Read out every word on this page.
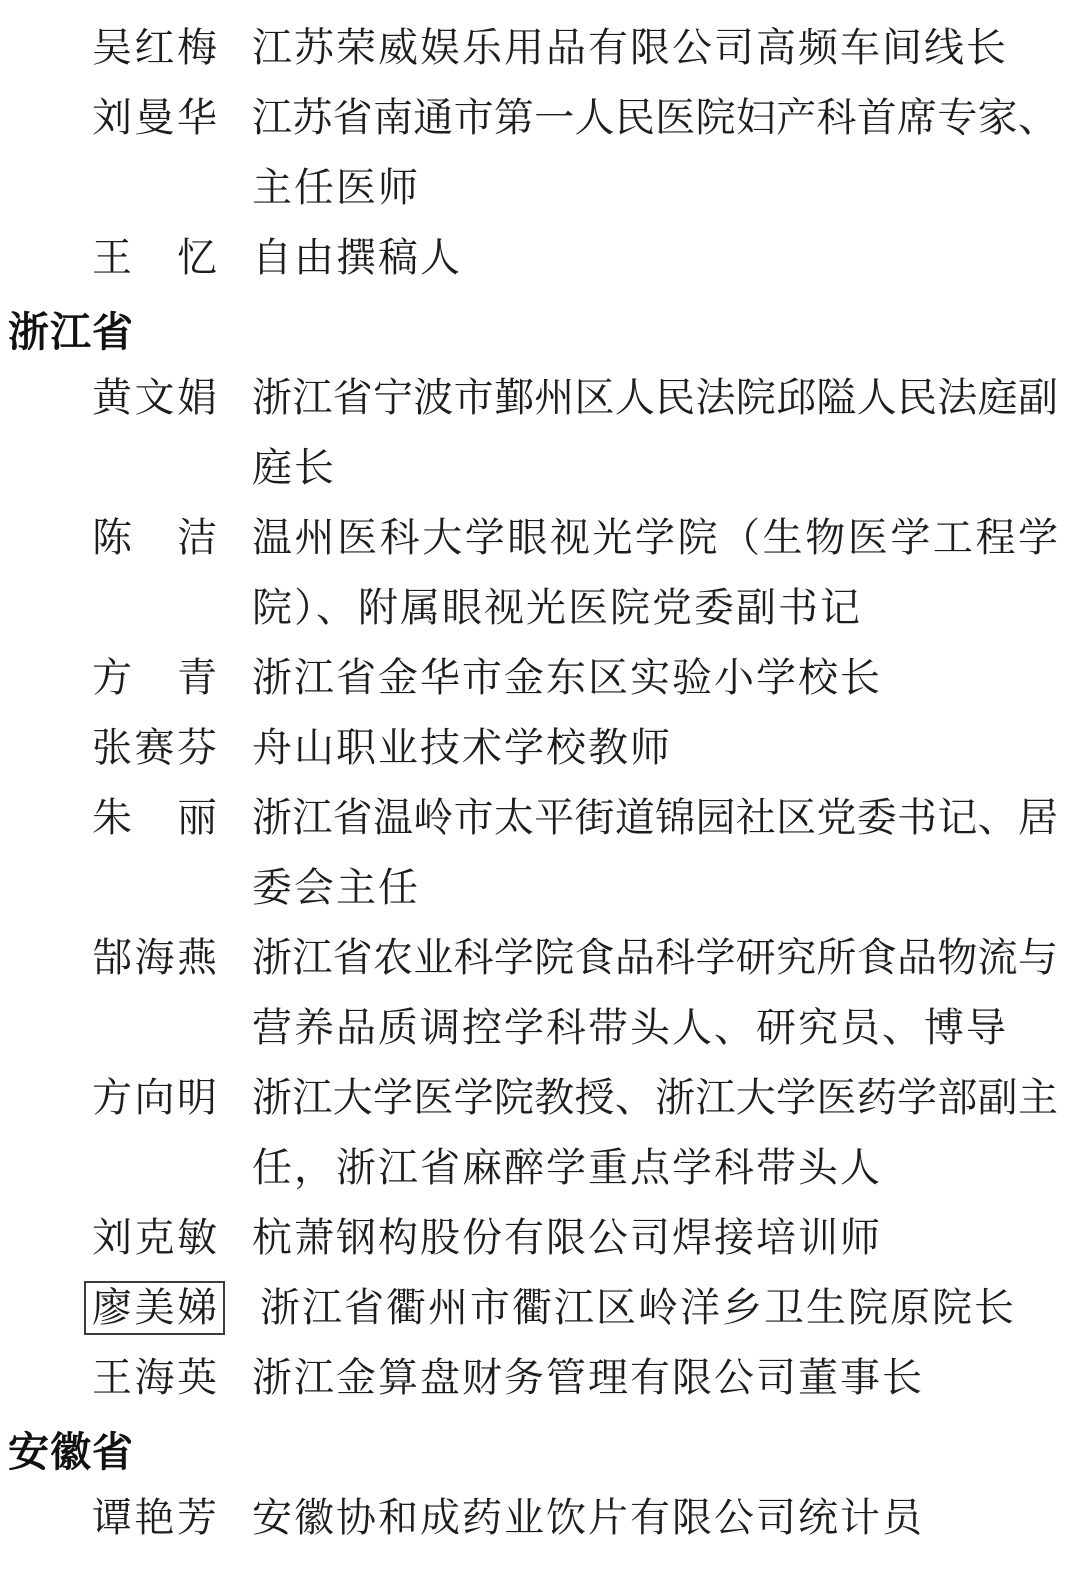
吴 红 梅 江苏荣威娱乐用品有限公司高频车间线长
刘 曼 华 江苏省南通市第一人民医院妇产科首席专家、
主任医师
王 忆 自由撰稿人
浙江省
黄 文 娟 浙江省宁波市鄞州区人民法院邱隘人民法庭副
庭长
陈 洁 温州医科大学眼视光学院（生物医学工程学
院）、附属眼视光医院党委副书记
方 青 浙江省金华市金东区实验小学校长
张 赛 芬 舟山职业技术学校教师
朱 丽 浙江省温岭市太平街道锦园社区党委书记、居
委会主任
郜 海 燕 浙江省农业科学院食品科学研究所食品物流与
营养品质调控学科带头人、研究员、博导
方 向 明 浙江大学医学院教授、浙江大学医药学部副主
任，浙江省麻醉学重点学科带头人
刘 克 敏 杭萧钢构股份有限公司焊接培训师
廖 美 娣 浙江省衢州市衢江区岭洋乡卫生院原院长
王 海 英 浙江金算盘财务管理有限公司董事长
安徽省
谭 艳 芳 安徽协和成药业饮片有限公司统计员
